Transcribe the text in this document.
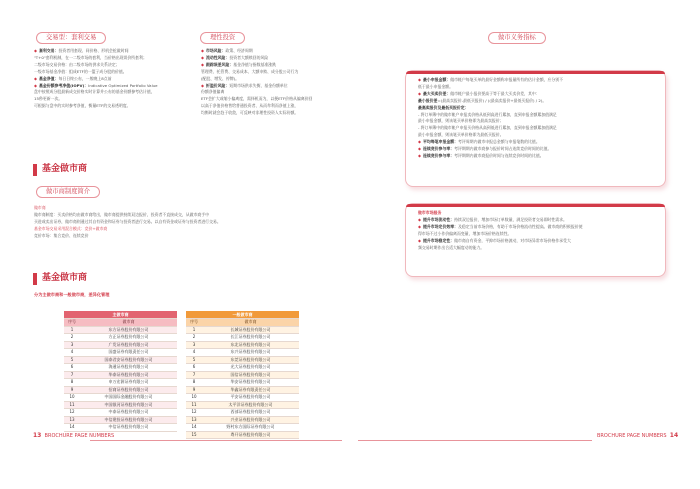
交易型：套利交易
◆ 套利交易：投资者用套现、同价格、形机会抢做时间
"T+0"套利机制，在一二级市场的套利，当价格出现误价所套利；
二级市场交易价格：由二级市场的供求关系决定；
一级市场基金净值：组成ETF的一篮子成分股的价值。
◆ 基金净值：每日日终公布，一般晚上8点前
◆ 基金份额参考净值(IOPV)：Indicative Optimized Portfolio Value
盘中按照成分股最新成交价格实时计算并公布的基金份额参考估计值，
15秒更新一次。
可根据与盘中的实时参考净值，衡量ETF的交易透明度。
理性投资
◆ 市场风险：政策、经济周期
◆ 流动性风险：投资者大额赎回的风险
◆ 跟踪误差风险：基金净值与指数基准涨跌
管理费、托管费、交易成本、大额申赎、成分股公司行为
(配股、增发、停牌)。
◆ 折溢价风险：短期市场供求失衡，基金份额单位
份额净值偏离
ETF会扩大或缩小偏离度，需择机而为，以便ETF价格从偏离价回
以高于净值价格售给普通投资者、从而牟利而净值上涨，
均衡时就会趋于收敛，可反映对非理性投资人实际份额。
基金做市商
做市商制度简介
做市商
做市商制度：买卖价格均由做市商给出，做市商提供持续双边报价，投资者不直接成交，从做市商手中
买进或卖出证券，做市商则通过其自有资金和证券与投资者进行交易。以自有资金或证券与投资者进行交易。
基金市场交易采用混合模式：竞价+做市商
竞价市场：集合竞价、连续竞价
基金做市商
分为主做市商和一般做市商，差异化管理
主做市商	
序号	做市商
1	东方证券股份有限公司
2	方正证券股份有限公司
3	广发证券股份有限公司
4	国盛证券有限责任公司
5	国泰君安证券股份有限公司
6	海通证券股份有限公司
7	华泰证券股份有限公司
8	申万宏源证券有限公司
9	招商证券股份有限公司
10	中国国际金融股份有限公司
11	中国银河证券股份有限公司
12	中泰证券股份有限公司
13	中信建投证券股份有限公司
14	中信证券股份有限公司
一般做市商	
序号	做市商
1	长城证券股份有限公司
2	长江证券股份有限公司
3	东北证券股份有限公司
4	东兴证券股份有限公司
5	东莞证券股份有限公司
6	光大证券股份有限公司
7	国信证券股份有限公司
8	华安证券股份有限公司
9	华鑫证券有限责任公司
10	平安证券股份有限公司
11	太平洋证券股份有限公司
12	西部证券股份有限公司
13	兴业证券股份有限公司
14	野村东方国际证券有限公司
15	粤开证券股份有限公司
13 BROCHURE PAGE NUMBERS
做市义务指标
◆ 最小申报金额：做市帐户每笔买单的最好金额称申报量所有的估计金额，应分别不
低于最小申报金额。
◆ 最大买卖价差：做市帐户最小报价要高于等于最大买卖价差，其中：
最小报价差=(最高卖报价-最低买报价) / ((最高卖报价+最低买报价) / 2)。
最高卖报价及最低买报价定：
- 将订单簿中的做市帐户申报卖价格从低到高进行累加，直到申报金额累加值满足
最小申报金额，则该笔买单价格即为最高卖报价；
- 将订单簿中的做市帐户申报买价格从高到低进行累加，直到申报金额累加值满足
最小申报金额，则该笔买单价格即为最低买报价。
◆ 平均每笔申报金额：考评周期内做市申报总金额与申报笔数的比值。
◆ 连续竞价参与率：考评期期内做市商参与报价时间占连续竞价时间的比值。
◆ 连续竞价参与率：考评期期内做市商报价时间与连续竞价时间的比值。
做市市场服务
◆ 提升市场流动性：持续双边报价，增加市场订单数量，满足投资者交易即时性需求。
◆ 提升市场定价效率：及稳定当前市场价格，有助于市场价格流动性提高。做市商的积极报价使
得市场不过小作价偏离而变量，增加市场价格连续性。
◆ 提升市场稳定性：做市商自有资金，平抑市场价格波动，对市场异常市场价格作承受大
频交易时期作出合适大幅度动的能力。
BROCHURE PAGE NUMBERS 14
